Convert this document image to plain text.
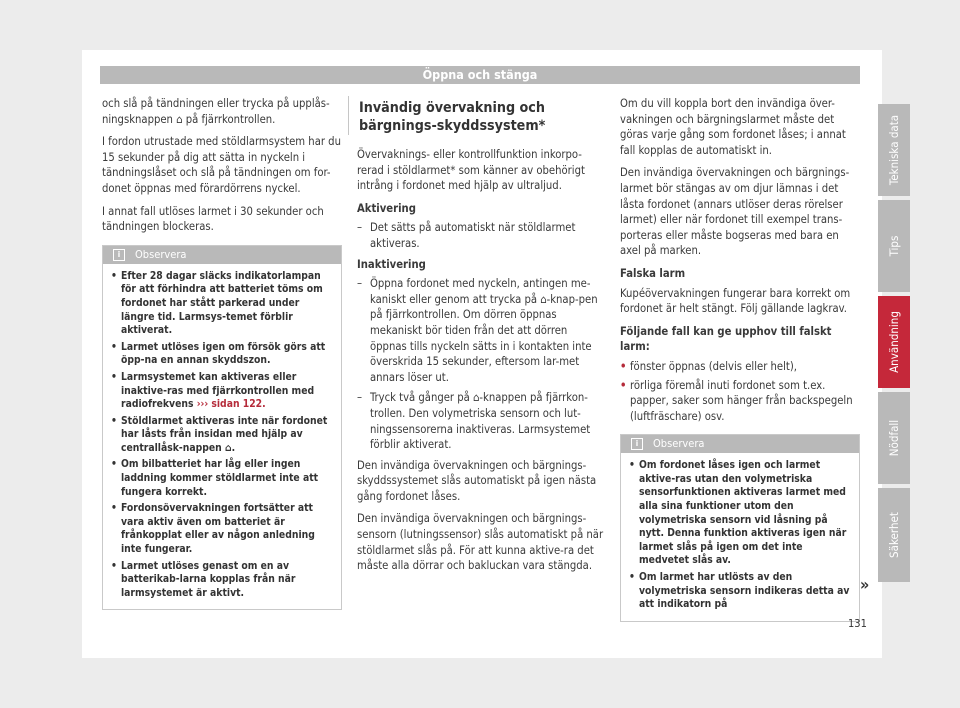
Öppna och stänga

och slå på tändningen eller trycka på upplås-ningsknappen ⌂ på fjärrkontrollen.

I fordon utrustade med stöldlarmsystem har du 15 sekunder på dig att sätta in nyckeln i tändningslåset och slå på tändningen om for-donet öppnas med förardörrens nyckel.

I annat fall utlöses larmet i 30 sekunder och tändningen blockeras.

i	Observera
• Efter 28 dagar släcks indikatorlampan för att förhindra att batteriet töms om fordonet har stått parkerad under längre tid. Larmsys-temet förblir aktiverat.
• Larmet utlöses igen om försök görs att öpp-na en annan skyddszon.
• Larmsystemet kan aktiveras eller inaktive-ras med fjärrkontrollen med radiofrekvens ››› sidan 122.
• Stöldlarmet aktiveras inte när fordonet har låsts från insidan med hjälp av centrallåsk-nappen ⌂.
• Om bilbatteriet har låg eller ingen laddning kommer stöldlarmet inte att fungera korrekt.
• Fordonsövervakningen fortsätter att vara aktiv även om batteriet är frånkopplat eller av någon anledning inte fungerar.
• Larmet utlöses genast om en av batterikab-larna kopplas från när larmsystemet är aktivt.
Invändig övervakning och bärgnings-skyddssystem*

Övervaknings- eller kontrollfunktion inkorpo-rerad i stöldlarmet* som känner av obehörigt intrång i fordonet med hjälp av ultraljud.

Aktivering
– Det sätts på automatiskt när stöldlarmet aktiveras.
Inaktivering
– Öppna fordonet med nyckeln, antingen me-kaniskt eller genom att trycka på ⌂-knap-pen på fjärrkontrollen. Om dörren öppnas mekaniskt bör tiden från det att dörren öppnas tills nyckeln sätts in i kontakten inte överskrida 15 sekunder, eftersom lar-met annars löser ut.
– Tryck två gånger på ⌂-knappen på fjärrkon-trollen. Den volymetriska sensorn och lut-ningssensorerna inaktiveras. Larmsystemet förblir aktiverat.

Den invändiga övervakningen och bärgnings-skyddssystemet slås automatiskt på igen nästa gång fordonet låses.

Den invändiga övervakningen och bärgnings-sensorn (lutningssensor) slås automatiskt på när stöldlarmet slås på. För att kunna aktive-ra det måste alla dörrar och bakluckan vara stängda.

Om du vill koppla bort den invändiga över-vakningen och bärgningslarmet måste det göras varje gång som fordonet låses; i annat fall kopplas de automatiskt in.

Den invändiga övervakningen och bärgnings-larmet bör stängas av om djur lämnas i det låsta fordonet (annars utlöser deras rörelser larmet) eller när fordonet till exempel trans-porteras eller måste bogseras med bara en axel på marken.

Falska larm

Kupéövervakningen fungerar bara korrekt om fordonet är helt stängt. Följ gällande lagkrav.

Följande fall kan ge upphov till falskt larm:
• fönster öppnas (delvis eller helt),
• rörliga föremål inuti fordonet som t.ex. papper, saker som hänger från backspegeln (luftfräschare) osv.
i	Observera
• Om fordonet låses igen och larmet aktive-ras utan den volymetriska sensorfunktionen aktiveras larmet med alla sina funktioner utom den volymetriska sensorn vid låsning på nytt. Denna funktion aktiveras igen när larmet slås på igen om det inte medvetet slås av.
• Om larmet har utlösts av den volymetriska sensorn indikeras detta av att indikatorn på
»
Tekniska data
Tips
Användning
Nödfall
Säkerhet
131
